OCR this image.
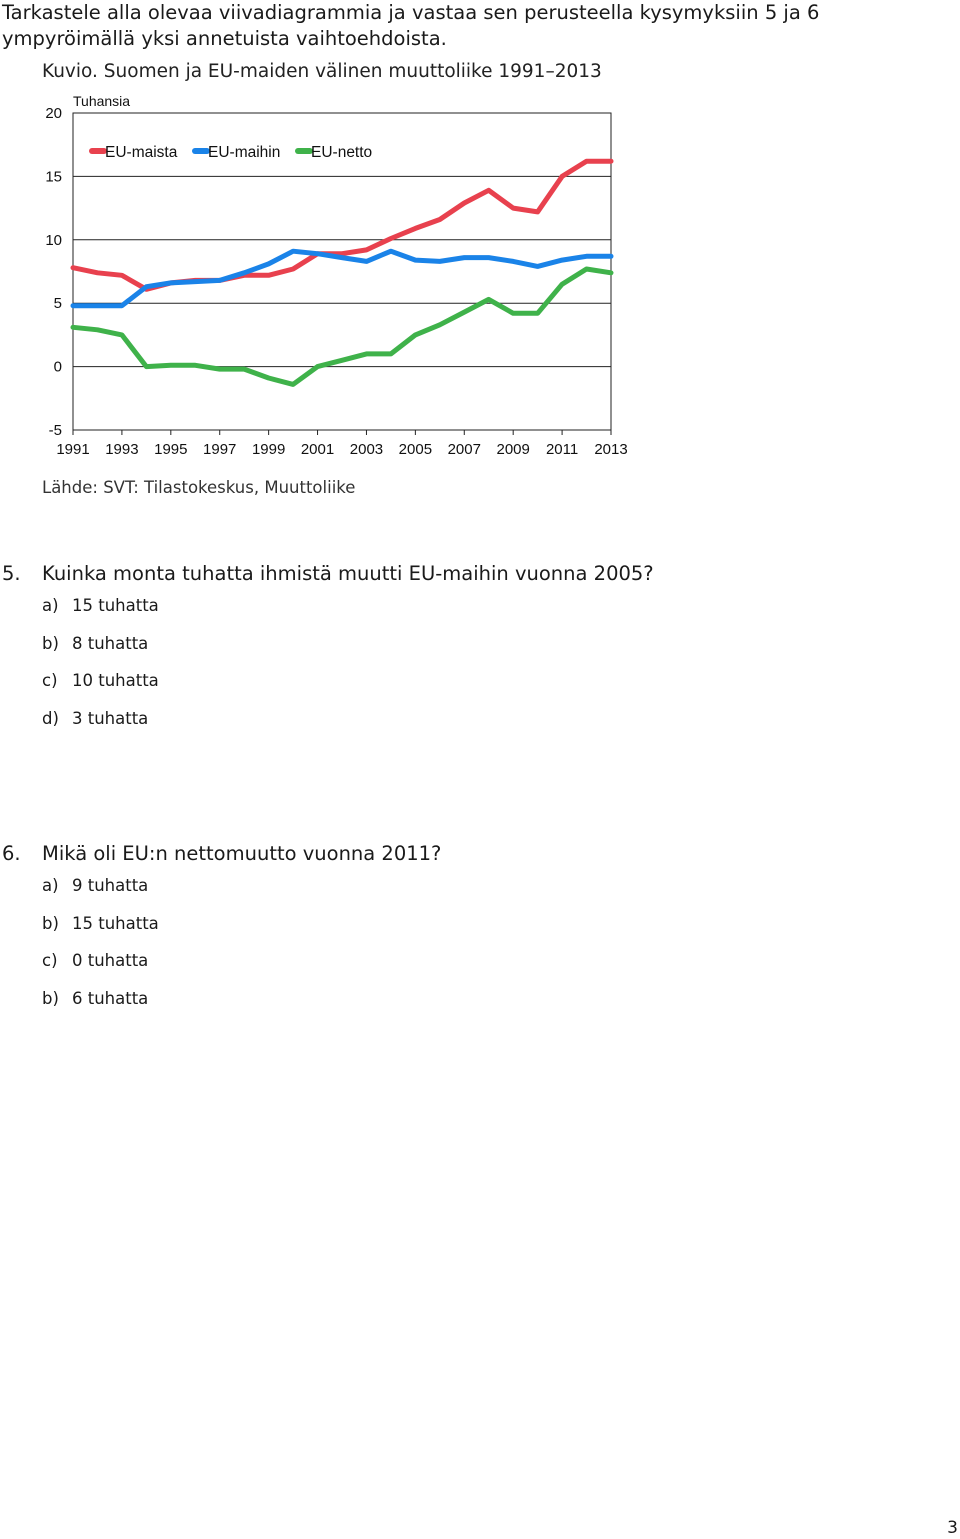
Tarkastele alla olevaa viivadiagrammia ja vastaa sen perusteella kysymyksiin 5 ja 6 ympyröimällä yksi annetuista vaihtoehdoista.

Kuvio. Suomen ja EU-maiden välinen muuttoliike 1991–2013
Tuhansia
20
15
10
5
0
-5
1991 1993 1995 1997 1999 2001 2003 2005 2007 2009 2011 2013
EU-maista EU-maihin EU-netto
Lähde: SVT: Tilastokeskus, Muuttoliike
5.	Kuinka monta tuhatta ihmistä muutti EU-maihin vuonna 2005?
a) 15 tuhatta
b) 8 tuhatta
c) 10 tuhatta
d) 3 tuhatta
6.	Mikä oli EU:n nettomuutto vuonna 2011?
a) 9 tuhatta
b) 15 tuhatta
c) 0 tuhatta
b) 6 tuhatta
3
